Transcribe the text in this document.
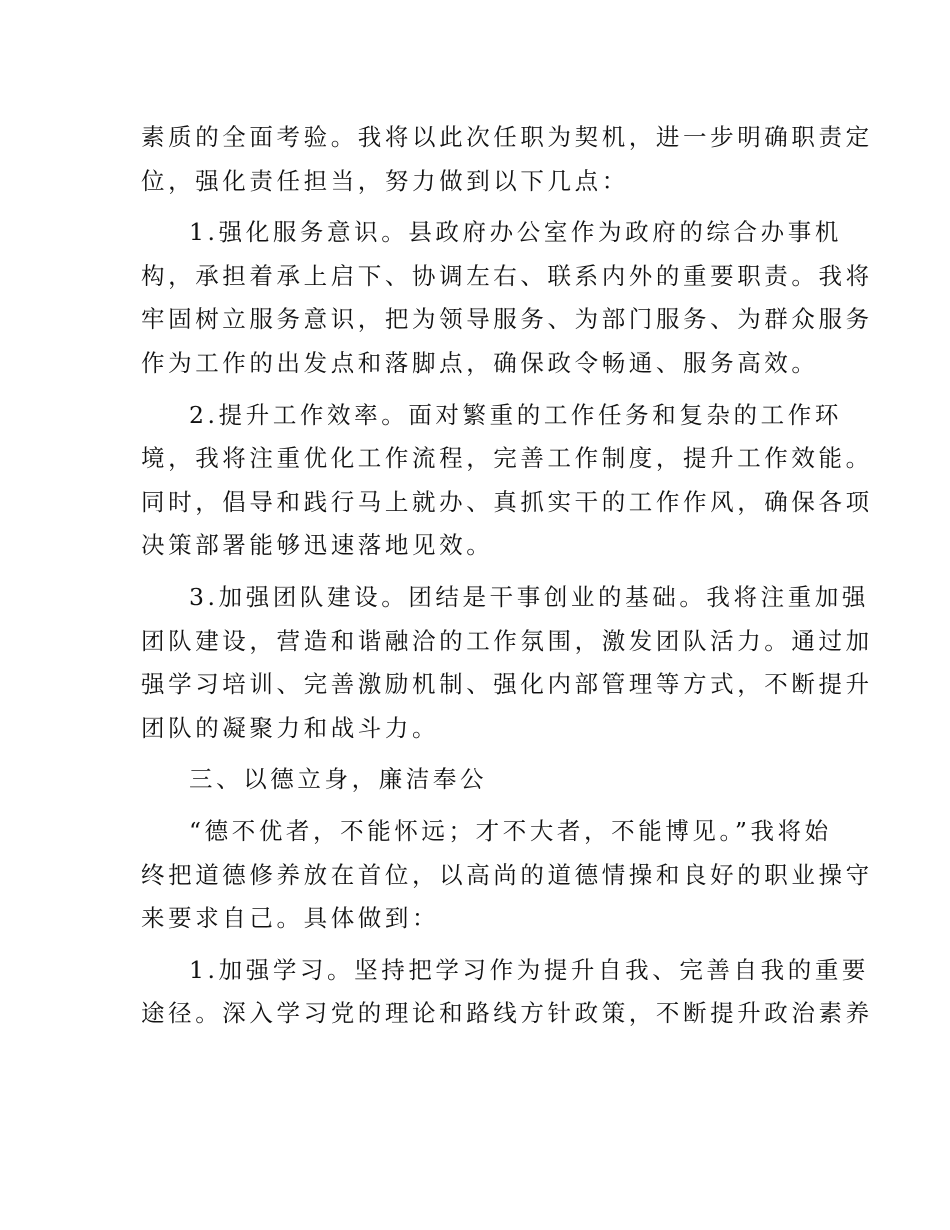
素质的全面考验。我将以此次任职为契机，进一步明确职责定
位，强化责任担当，努力做到以下几点：
1.强化服务意识。县政府办公室作为政府的综合办事机
构，承担着承上启下、协调左右、联系内外的重要职责。我将
牢固树立服务意识，把为领导服务、为部门服务、为群众服务
作为工作的出发点和落脚点，确保政令畅通、服务高效。
2.提升工作效率。面对繁重的工作任务和复杂的工作环
境，我将注重优化工作流程，完善工作制度，提升工作效能。
同时，倡导和践行马上就办、真抓实干的工作作风，确保各项
决策部署能够迅速落地见效。
3.加强团队建设。团结是干事创业的基础。我将注重加强
团队建设，营造和谐融洽的工作氛围，激发团队活力。通过加
强学习培训、完善激励机制、强化内部管理等方式，不断提升
团队的凝聚力和战斗力。
三、以德立身，廉洁奉公
“德不优者，不能怀远；才不大者，不能博见。”我将始
终把道德修养放在首位，以高尚的道德情操和良好的职业操守
来要求自己。具体做到：
1.加强学习。坚持把学习作为提升自我、完善自我的重要
途径。深入学习党的理论和路线方针政策，不断提升政治素养
